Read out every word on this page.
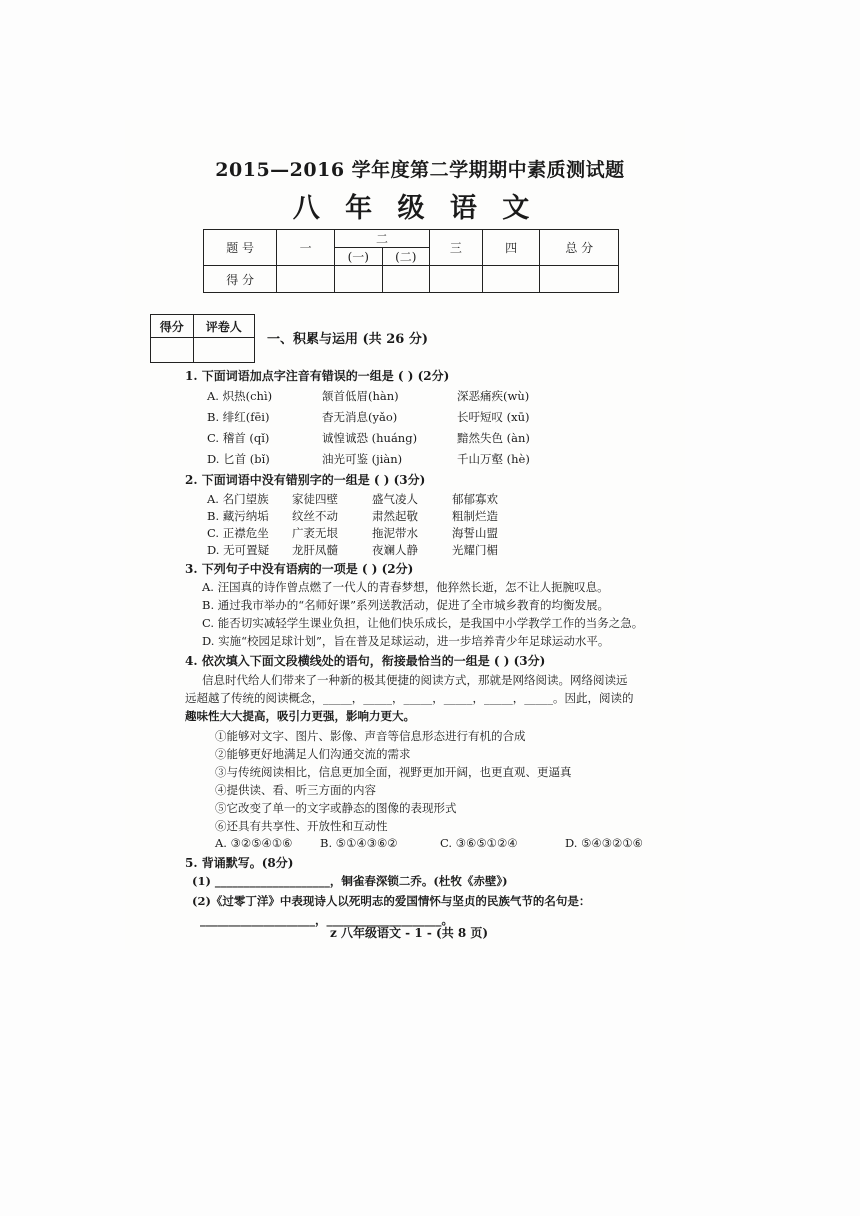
2015—2016 学年度第二学期期中素质测试题
八 年 级 语 文
题 号	一	二		三	四	总 分
		(一)	(二)			
得 分						
得分	评卷人

一、积累与运用 (共 26 分)
1. 下面词语加点字注音有错误的一组是 ( ) (2分)
A. 炽热(chì)	颔首低眉(hàn)	深恶痛疾(wù)
B. 绯红(fēi)	杳无消息(yǎo)	长吁短叹 (xū)
C. 稽首 (qǐ)	诚惶诚恐 (huáng)	黯然失色 (àn)
D. 匕首 (bǐ)	油光可鉴 (jiàn)	千山万壑 (hè)
2. 下面词语中没有错别字的一组是 ( ) (3分)
A. 名门望族 家徒四壁	盛气凌人	郁郁寡欢
B. 藏污纳垢 纹丝不动	肃然起敬	粗制烂造
C. 正襟危坐 广袤无垠	拖泥带水	海誓山盟
D. 无可置疑 龙肝凤髓	夜斓人静	光耀门楣
3. 下列句子中没有语病的一项是 ( ) (2分)
A. 汪国真的诗作曾点燃了一代人的青春梦想，他猝然长逝，怎不让人扼腕叹息。
B. 通过我市举办的“名师好课”系列送教活动，促进了全市城乡教育的均衡发展。
C. 能否切实减轻学生课业负担，让他们快乐成长，是我国中小学教学工作的当务之急。
D. 实施“校园足球计划”，旨在普及足球运动，进一步培养青少年足球运动水平。
4. 依次填入下面文段横线处的语句，衔接最恰当的一组是 ( ) (3分)
信息时代给人们带来了一种新的极其便捷的阅读方式，那就是网络阅读。网络阅读远
远超越了传统的阅读概念，_____，_____，_____，_____，_____，_____。因此，阅读的
趣味性大大提高，吸引力更强，影响力更大。
①能够对文字、图片、影像、声音等信息形态进行有机的合成
②能够更好地满足人们沟通交流的需求
③与传统阅读相比，信息更加全面，视野更加开阔，也更直观、更逼真
④提供读、看、听三方面的内容
⑤它改变了单一的文字或静态的图像的表现形式
⑥还具有共享性、开放性和互动性
A. ③②⑤④①⑥ B. ⑤①④③⑥②	C. ③⑥⑤①②④	D. ⑤④③②①⑥
5. 背诵默写。(8分)
(1) ____________________，铜雀春深锁二乔。(杜牧《赤壁》)
(2)《过零丁洋》中表现诗人以死明志的爱国情怀与坚贞的民族气节的名句是：
____________________，____________________。
z 八年级语文 - 1 - (共 8 页)
